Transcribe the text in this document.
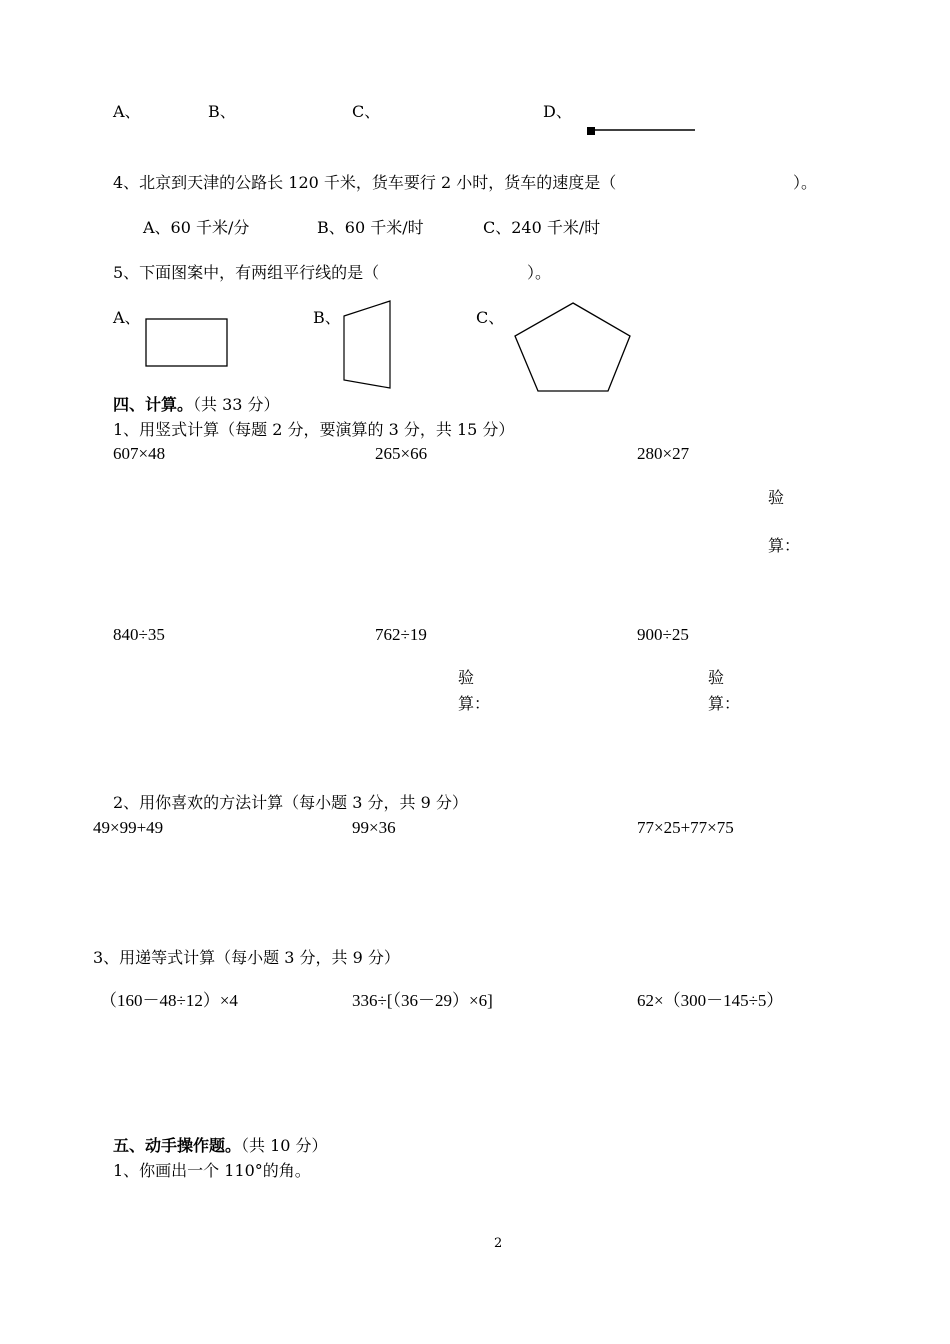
A、	B、	C、	D、
4、北京到天津的公路长 120 千米，货车要行 2 小时，货车的速度是（	）。
A、60 千米/分	B、60 千米/时	C、240 千米/时
5、下面图案中，有两组平行线的是（	）。
A、	B、	C、
四、计算。（共 33 分）
1、用竖式计算（每题 2 分，要演算的 3 分，共 15 分）
607×48	265×66	280×27
验
算：
840÷35	762÷19	900÷25
验
算：
验
算：
2、用你喜欢的方法计算（每小题 3 分，共 9 分）
49×99+49	99×36	77×25+77×75
3、用递等式计算（每小题 3 分，共 9 分）
（160－48÷12）×4	336÷[（36－29）×6]	62×（300－145÷5）
五、动手操作题。（共 10 分）
1、你画出一个 110°的角。
2
